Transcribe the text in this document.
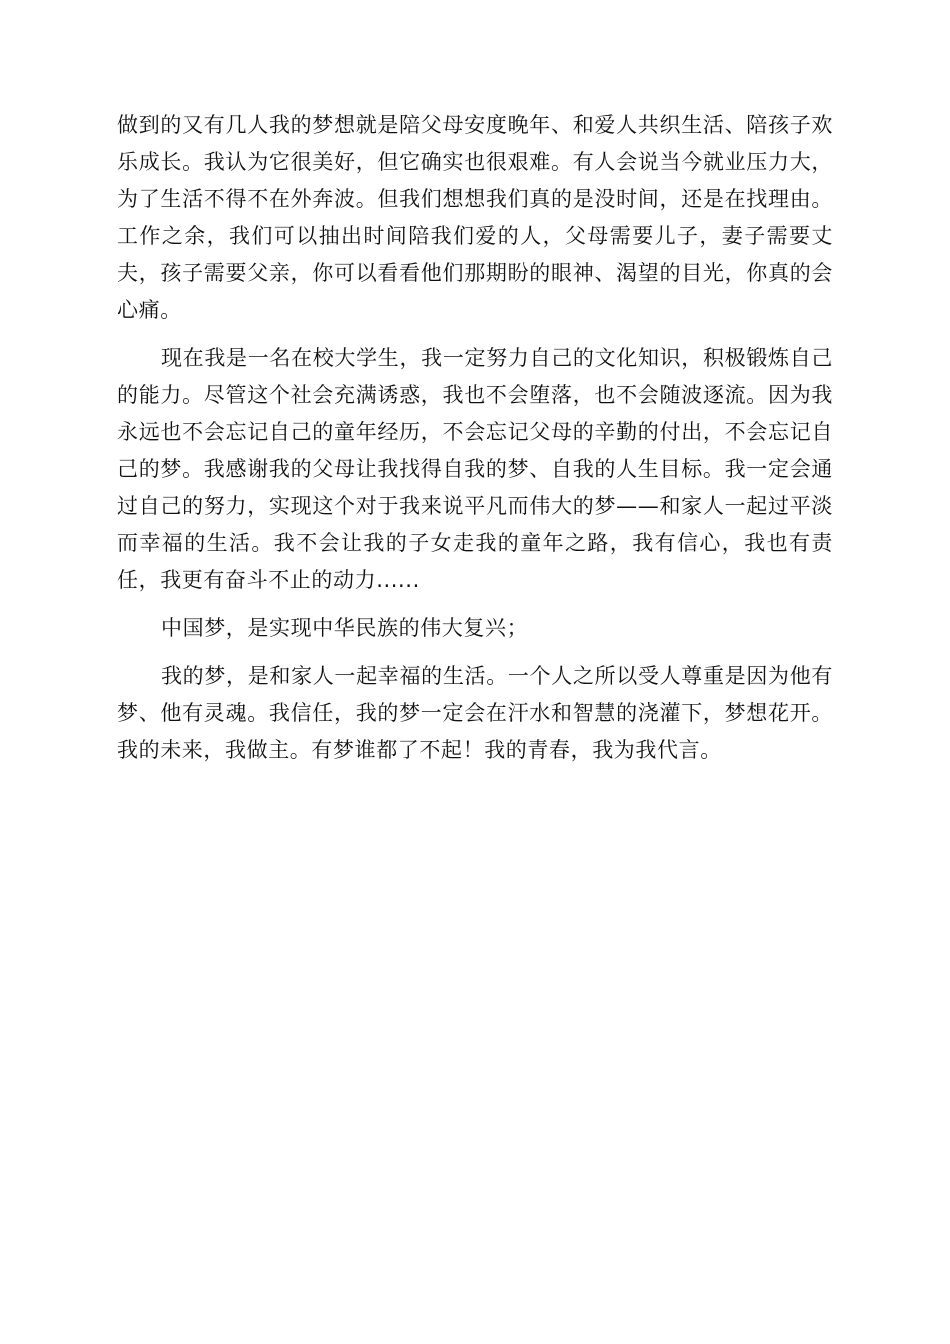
做到的又有几人我的梦想就是陪父母安度晚年、和爱人共织生活、陪孩子欢乐成长。我认为它很美好，但它确实也很艰难。有人会说当今就业压力大，为了生活不得不在外奔波。但我们想想我们真的是没时间，还是在找理由。工作之余，我们可以抽出时间陪我们爱的人，父母需要儿子，妻子需要丈夫，孩子需要父亲，你可以看看他们那期盼的眼神、渴望的目光，你真的会心痛。

现在我是一名在校大学生，我一定努力自己的文化知识，积极锻炼自己的能力。尽管这个社会充满诱惑，我也不会堕落，也不会随波逐流。因为我永远也不会忘记自己的童年经历，不会忘记父母的辛勤的付出，不会忘记自己的梦。我感谢我的父母让我找得自我的梦、自我的人生目标。我一定会通过自己的努力，实现这个对于我来说平凡而伟大的梦——和家人一起过平淡而幸福的生活。我不会让我的子女走我的童年之路，我有信心，我也有责任，我更有奋斗不止的动力......

中国梦，是实现中华民族的伟大复兴；

我的梦，是和家人一起幸福的生活。一个人之所以受人尊重是因为他有梦、他有灵魂。我信任，我的梦一定会在汗水和智慧的浇灌下，梦想花开。我的未来，我做主。有梦谁都了不起！我的青春，我为我代言。
